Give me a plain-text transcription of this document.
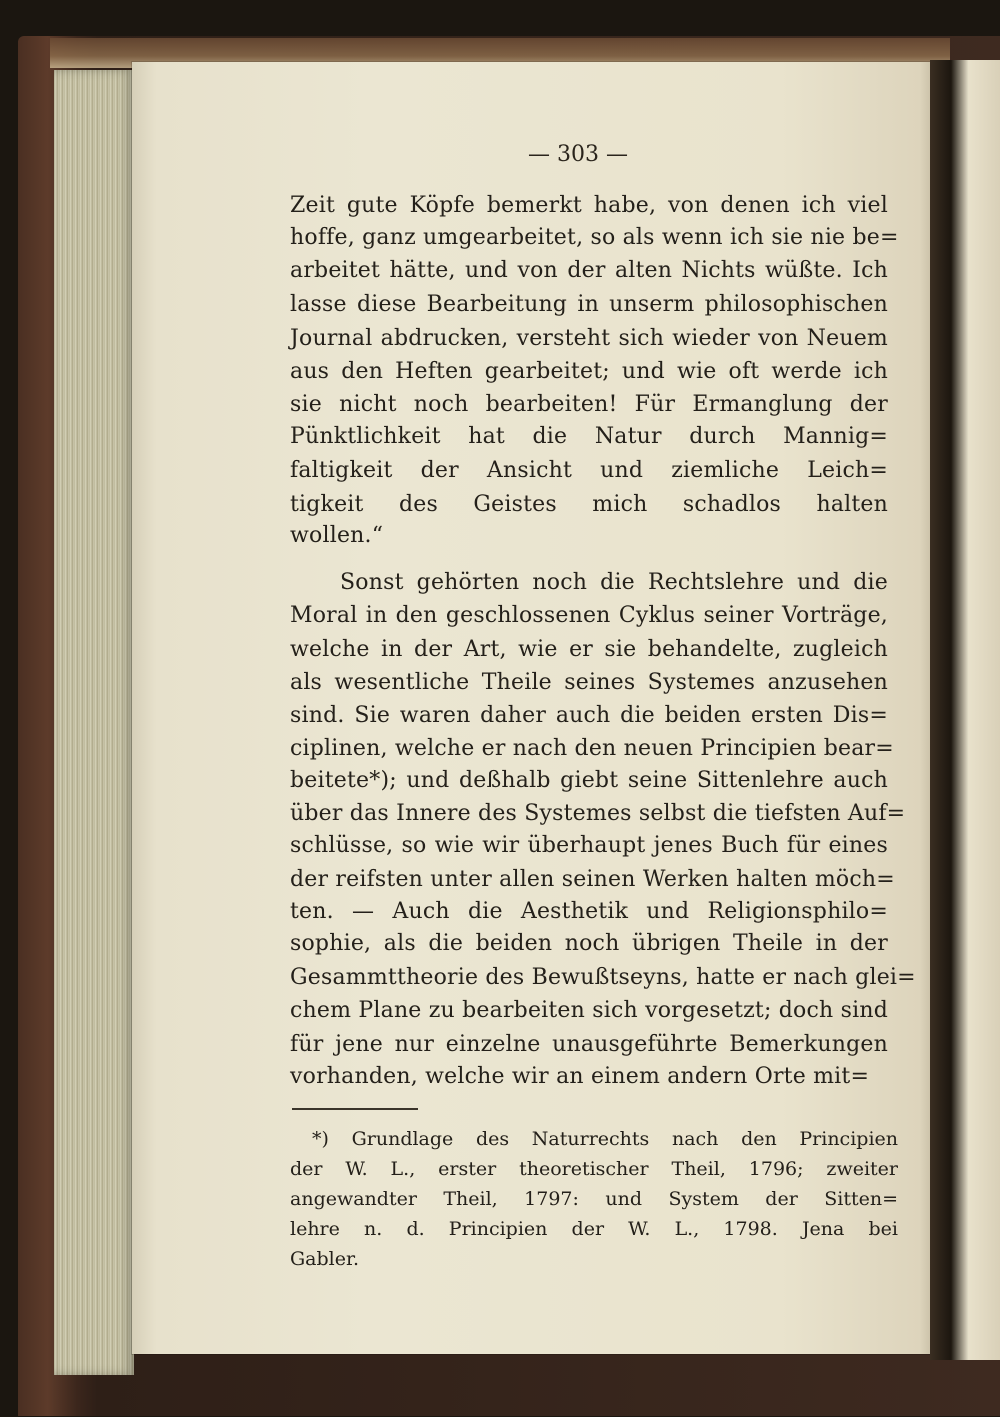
— 303 —
Zeit gute Köpfe bemerkt habe, von denen ich viel
hoffe, ganz umgearbeitet, so als wenn ich sie nie be=
arbeitet hätte, und von der alten Nichts wüßte. Ich
lasse diese Bearbeitung in unserm philosophischen
Journal abdrucken, versteht sich wieder von Neuem
aus den Heften gearbeitet; und wie oft werde ich
sie nicht noch bearbeiten! Für Ermanglung der
Pünktlichkeit hat die Natur durch Mannig=
faltigkeit der Ansicht und ziemliche Leich=
tigkeit des Geistes mich schadlos halten
wollen.“
Sonst gehörten noch die Rechtslehre und die
Moral in den geschlossenen Cyklus seiner Vorträge,
welche in der Art, wie er sie behandelte, zugleich
als wesentliche Theile seines Systemes anzusehen
sind. Sie waren daher auch die beiden ersten Dis=
ciplinen, welche er nach den neuen Principien bear=
beitete*); und deßhalb giebt seine Sittenlehre auch
über das Innere des Systemes selbst die tiefsten Auf=
schlüsse, so wie wir überhaupt jenes Buch für eines
der reifsten unter allen seinen Werken halten möch=
ten. — Auch die Aesthetik und Religionsphilo=
sophie, als die beiden noch übrigen Theile in der
Gesammttheorie des Bewußtseyns, hatte er nach glei=
chem Plane zu bearbeiten sich vorgesetzt; doch sind
für jene nur einzelne unausgeführte Bemerkungen
vorhanden, welche wir an einem andern Orte mit=
*) Grundlage des Naturrechts nach den Principien
der W. L., erster theoretischer Theil, 1796; zweiter
angewandter Theil, 1797: und System der Sitten=
lehre n. d. Principien der W. L., 1798. Jena bei
Gabler.
